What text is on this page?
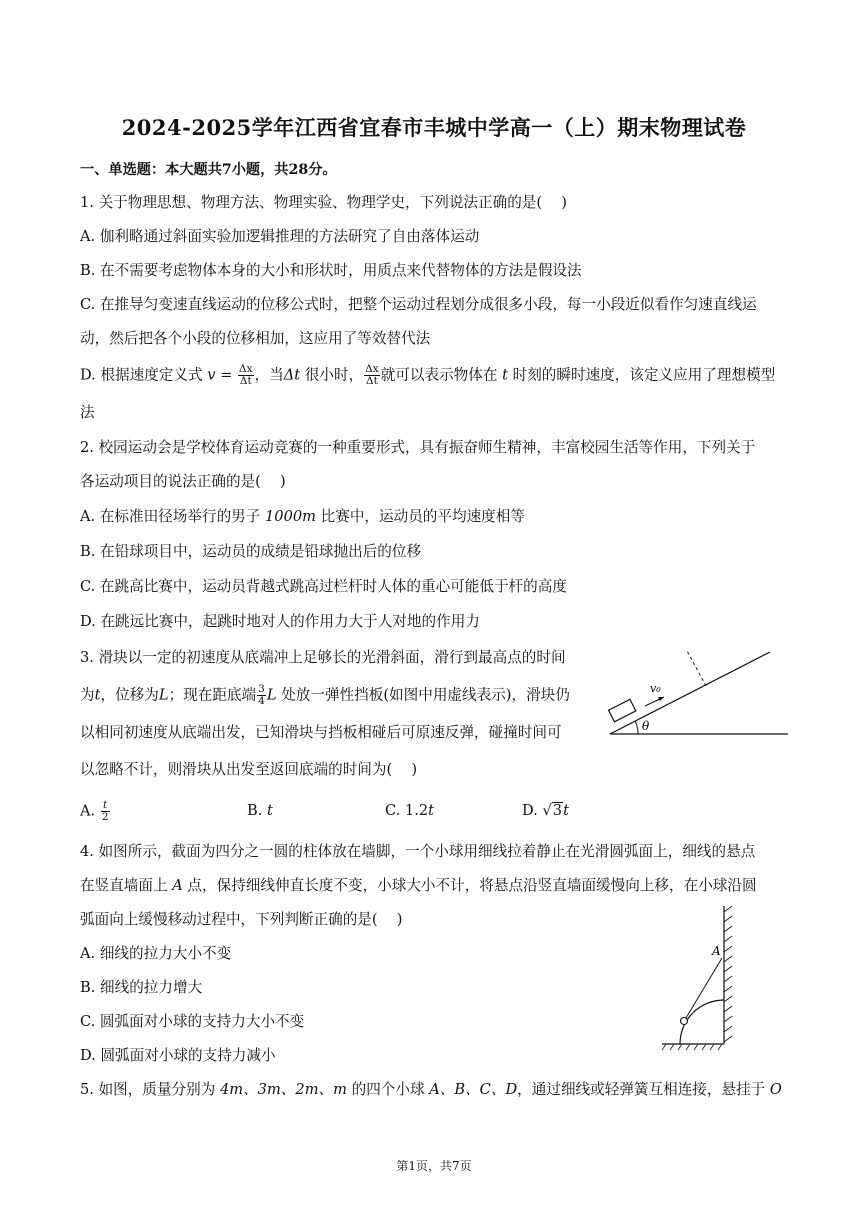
2024-2025学年江西省宜春市丰城中学高一（上）期末物理试卷
一、单选题：本大题共7小题，共28分。
1. 关于物理思想、物理方法、物理实验、物理学史，下列说法正确的是(  )
A. 伽利略通过斜面实验加逻辑推理的方法研究了自由落体运动
B. 在不需要考虑物体本身的大小和形状时，用质点来代替物体的方法是假设法
C. 在推导匀变速直线运动的位移公式时，把整个运动过程划分成很多小段，每一小段近似看作匀速直线运
动，然后把各个小段的位移相加，这应用了等效替代法
D. 根据速度定义式 $v = \frac{\Delta x}{\Delta t}$ ，当Δt 很小时， $\frac{\Delta x}{\Delta t}$ 就可以表示物体在 t 时刻的瞬时速度，该定义应用了理想模型
法
2. 校园运动会是学校体育运动竞赛的一种重要形式，具有振奋师生精神，丰富校园生活等作用，下列关于
各运动项目的说法正确的是(  )
A. 在标准田径场举行的男子 1000m 比赛中，运动员的平均速度相等
B. 在铅球项目中，运动员的成绩是铅球抛出后的位移
C. 在跳高比赛中，运动员背越式跳高过栏杆时人体的重心可能低于杆的高度
D. 在跳远比赛中，起跳时地对人的作用力大于人对地的作用力
3. 滑块以一定的初速度从底端冲上足够长的光滑斜面，滑行到最高点的时间
为t，位移为L；现在距底端 $\frac{3}{4}$ L 处放一弹性挡板(如图中用虚线表示)，滑块仍
以相同初速度从底端出发，已知滑块与挡板相碰后可原速反弹，碰撞时间可
以忽略不计，则滑块从出发至返回底端的时间为(  )
A. $\frac{t}{2}$	B. t	C. 1.2t	D. √3t
v₀
θ
4. 如图所示，截面为四分之一圆的柱体放在墙脚，一个小球用细线拉着静止在光滑圆弧面上，细线的悬点
在竖直墙面上 A 点，保持细线伸直长度不变，小球大小不计，将悬点沿竖直墙面缓慢向上移，在小球沿圆
弧面向上缓慢移动过程中，下列判断正确的是(  )
A. 细线的拉力大小不变
B. 细线的拉力增大
C. 圆弧面对小球的支持力大小不变
D. 圆弧面对小球的支持力减小
A
5. 如图，质量分别为 4m、3m、2m、m 的四个小球 A、B、C、D，通过细线或轻弹簧互相连接，悬挂于 O
第1页，共7页
